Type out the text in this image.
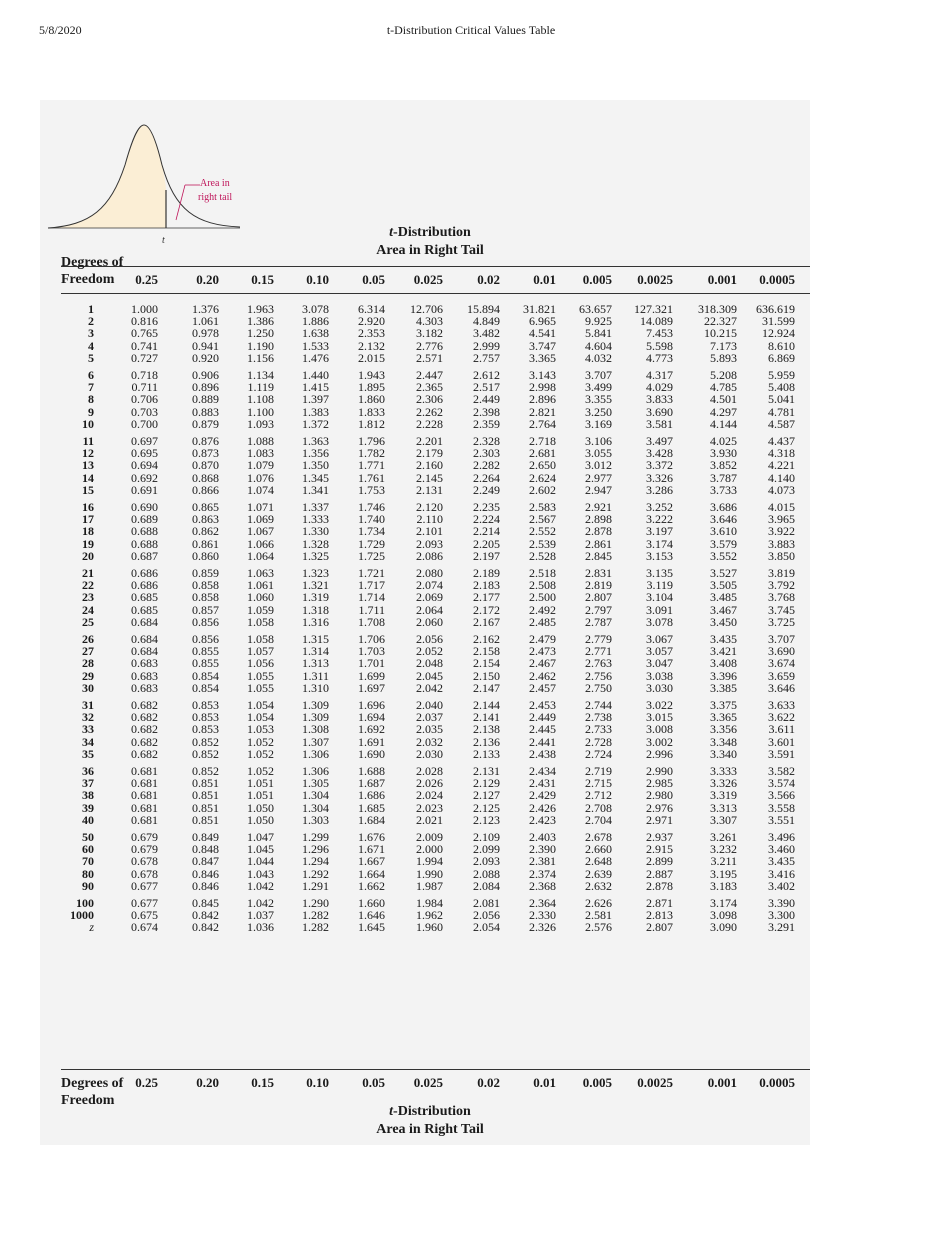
5/8/2020	t-Distribution Critical Values Table
Area in
right tail
t
t-Distribution
Area in Right Tail
Degrees of
Freedom	0.25	0.20	0.15	0.10	0.05	0.025	0.02	0.01	0.005	0.0025	0.001	0.0005
1	1.000	1.376	1.963	3.078	6.314	12.706	15.894	31.821	63.657	127.321	318.309	636.619
2	0.816	1.061	1.386	1.886	2.920	4.303	4.849	6.965	9.925	14.089	22.327	31.599
3	0.765	0.978	1.250	1.638	2.353	3.182	3.482	4.541	5.841	7.453	10.215	12.924
4	0.741	0.941	1.190	1.533	2.132	2.776	2.999	3.747	4.604	5.598	7.173	8.610
5	0.727	0.920	1.156	1.476	2.015	2.571	2.757	3.365	4.032	4.773	5.893	6.869
6	0.718	0.906	1.134	1.440	1.943	2.447	2.612	3.143	3.707	4.317	5.208	5.959
7	0.711	0.896	1.119	1.415	1.895	2.365	2.517	2.998	3.499	4.029	4.785	5.408
8	0.706	0.889	1.108	1.397	1.860	2.306	2.449	2.896	3.355	3.833	4.501	5.041
9	0.703	0.883	1.100	1.383	1.833	2.262	2.398	2.821	3.250	3.690	4.297	4.781
10	0.700	0.879	1.093	1.372	1.812	2.228	2.359	2.764	3.169	3.581	4.144	4.587
11	0.697	0.876	1.088	1.363	1.796	2.201	2.328	2.718	3.106	3.497	4.025	4.437
12	0.695	0.873	1.083	1.356	1.782	2.179	2.303	2.681	3.055	3.428	3.930	4.318
13	0.694	0.870	1.079	1.350	1.771	2.160	2.282	2.650	3.012	3.372	3.852	4.221
14	0.692	0.868	1.076	1.345	1.761	2.145	2.264	2.624	2.977	3.326	3.787	4.140
15	0.691	0.866	1.074	1.341	1.753	2.131	2.249	2.602	2.947	3.286	3.733	4.073
16	0.690	0.865	1.071	1.337	1.746	2.120	2.235	2.583	2.921	3.252	3.686	4.015
17	0.689	0.863	1.069	1.333	1.740	2.110	2.224	2.567	2.898	3.222	3.646	3.965
18	0.688	0.862	1.067	1.330	1.734	2.101	2.214	2.552	2.878	3.197	3.610	3.922
19	0.688	0.861	1.066	1.328	1.729	2.093	2.205	2.539	2.861	3.174	3.579	3.883
20	0.687	0.860	1.064	1.325	1.725	2.086	2.197	2.528	2.845	3.153	3.552	3.850
21	0.686	0.859	1.063	1.323	1.721	2.080	2.189	2.518	2.831	3.135	3.527	3.819
22	0.686	0.858	1.061	1.321	1.717	2.074	2.183	2.508	2.819	3.119	3.505	3.792
23	0.685	0.858	1.060	1.319	1.714	2.069	2.177	2.500	2.807	3.104	3.485	3.768
24	0.685	0.857	1.059	1.318	1.711	2.064	2.172	2.492	2.797	3.091	3.467	3.745
25	0.684	0.856	1.058	1.316	1.708	2.060	2.167	2.485	2.787	3.078	3.450	3.725
26	0.684	0.856	1.058	1.315	1.706	2.056	2.162	2.479	2.779	3.067	3.435	3.707
27	0.684	0.855	1.057	1.314	1.703	2.052	2.158	2.473	2.771	3.057	3.421	3.690
28	0.683	0.855	1.056	1.313	1.701	2.048	2.154	2.467	2.763	3.047	3.408	3.674
29	0.683	0.854	1.055	1.311	1.699	2.045	2.150	2.462	2.756	3.038	3.396	3.659
30	0.683	0.854	1.055	1.310	1.697	2.042	2.147	2.457	2.750	3.030	3.385	3.646
31	0.682	0.853	1.054	1.309	1.696	2.040	2.144	2.453	2.744	3.022	3.375	3.633
32	0.682	0.853	1.054	1.309	1.694	2.037	2.141	2.449	2.738	3.015	3.365	3.622
33	0.682	0.853	1.053	1.308	1.692	2.035	2.138	2.445	2.733	3.008	3.356	3.611
34	0.682	0.852	1.052	1.307	1.691	2.032	2.136	2.441	2.728	3.002	3.348	3.601
35	0.682	0.852	1.052	1.306	1.690	2.030	2.133	2.438	2.724	2.996	3.340	3.591
36	0.681	0.852	1.052	1.306	1.688	2.028	2.131	2.434	2.719	2.990	3.333	3.582
37	0.681	0.851	1.051	1.305	1.687	2.026	2.129	2.431	2.715	2.985	3.326	3.574
38	0.681	0.851	1.051	1.304	1.686	2.024	2.127	2.429	2.712	2.980	3.319	3.566
39	0.681	0.851	1.050	1.304	1.685	2.023	2.125	2.426	2.708	2.976	3.313	3.558
40	0.681	0.851	1.050	1.303	1.684	2.021	2.123	2.423	2.704	2.971	3.307	3.551
50	0.679	0.849	1.047	1.299	1.676	2.009	2.109	2.403	2.678	2.937	3.261	3.496
60	0.679	0.848	1.045	1.296	1.671	2.000	2.099	2.390	2.660	2.915	3.232	3.460
70	0.678	0.847	1.044	1.294	1.667	1.994	2.093	2.381	2.648	2.899	3.211	3.435
80	0.678	0.846	1.043	1.292	1.664	1.990	2.088	2.374	2.639	2.887	3.195	3.416
90	0.677	0.846	1.042	1.291	1.662	1.987	2.084	2.368	2.632	2.878	3.183	3.402
100	0.677	0.845	1.042	1.290	1.660	1.984	2.081	2.364	2.626	2.871	3.174	3.390
1000	0.675	0.842	1.037	1.282	1.646	1.962	2.056	2.330	2.581	2.813	3.098	3.300
z	0.674	0.842	1.036	1.282	1.645	1.960	2.054	2.326	2.576	2.807	3.090	3.291
Degrees of
Freedom
0.25	0.20	0.15	0.10	0.05	0.025	0.02	0.01	0.005	0.0025	0.001	0.0005
t-Distribution
Area in Right Tail
